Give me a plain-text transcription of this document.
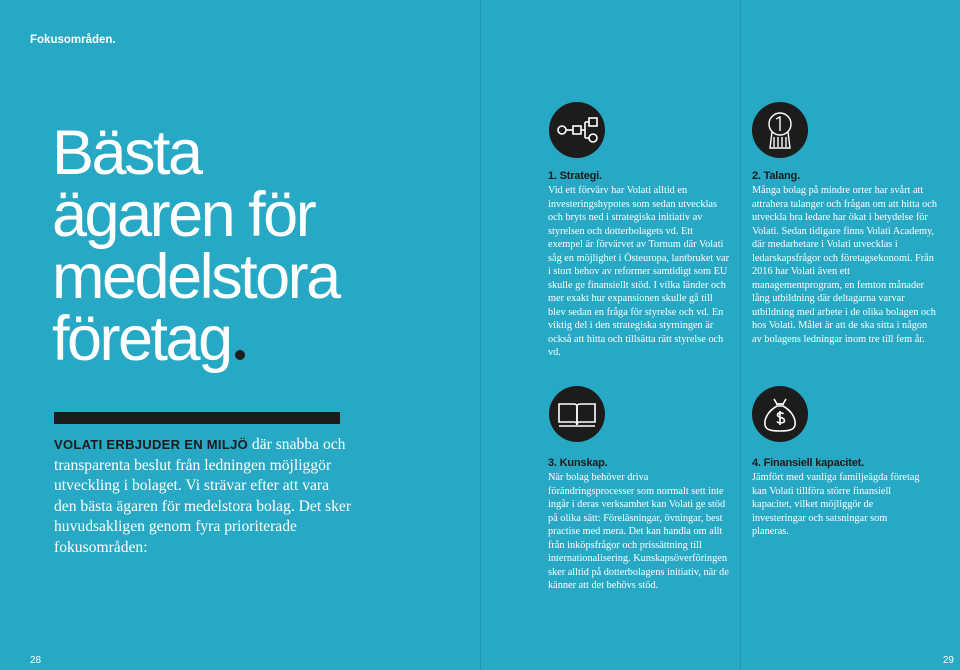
Fokusområden.
Bästa
ägaren för
medelstora
företag
VOLATI ERBJUDER EN MILJÖ där snabba och transparenta beslut från ledningen möjliggör utveckling i bolaget. Vi strävar efter att vara den bästa ägaren för medelstora bolag. Det sker huvudsakligen genom fyra prioriterade fokusområden:
1. Strategi.

Vid ett förvärv har Volati alltid en investeringshypotes som sedan utvecklas och bryts ned i strategiska initiativ av styrelsen och dotterbolagets vd. Ett exempel är förvärvet av Tornum där Volati såg en möjlighet i Östeuropa, lantbruket var i stort behov av reformer samtidigt som EU skulle ge finansiellt stöd. I vilka länder och mer exakt hur expansionen skulle gå till blev sedan en fråga för styrelse och vd. En viktig del i den strategiska styrningen är också att hitta och tillsätta rätt styrelse och vd.

2. Talang.

Många bolag på mindre orter har svårt att attrahera talanger och frågan om att hitta och utveckla bra ledare har ökat i betydelse för Volati. Sedan tidigare finns Volati Academy, där medarbetare i Volati utvecklas i ledarskapsfrågor och företagsekonomi. Från 2016 har Volati även ett managementprogram, en femton månader lång utbildning där deltagarna varvar utbildning med arbete i de olika bolagen och hos Volati. Målet är att de ska sitta i någon av bolagens ledningar inom tre till fem år.

3. Kunskap.

När bolag behöver driva förändringsprocesser som normalt sett inte ingår i deras verksamhet kan Volati ge stöd på olika sätt: Föreläsningar, övningar, best practise med mera. Det kan handla om allt från inköpsfrågor och prissättning till internationalisering. Kunskapsöverföringen sker alltid på dotterbolagens initiativ, när de känner att det behövs stöd.

4. Finansiell kapacitet.

Jämfört med vanliga familjeägda företag kan Volati tillföra större finansiell kapacitet, vilket möjliggör de investeringar och satsningar som planeras.

28	29
